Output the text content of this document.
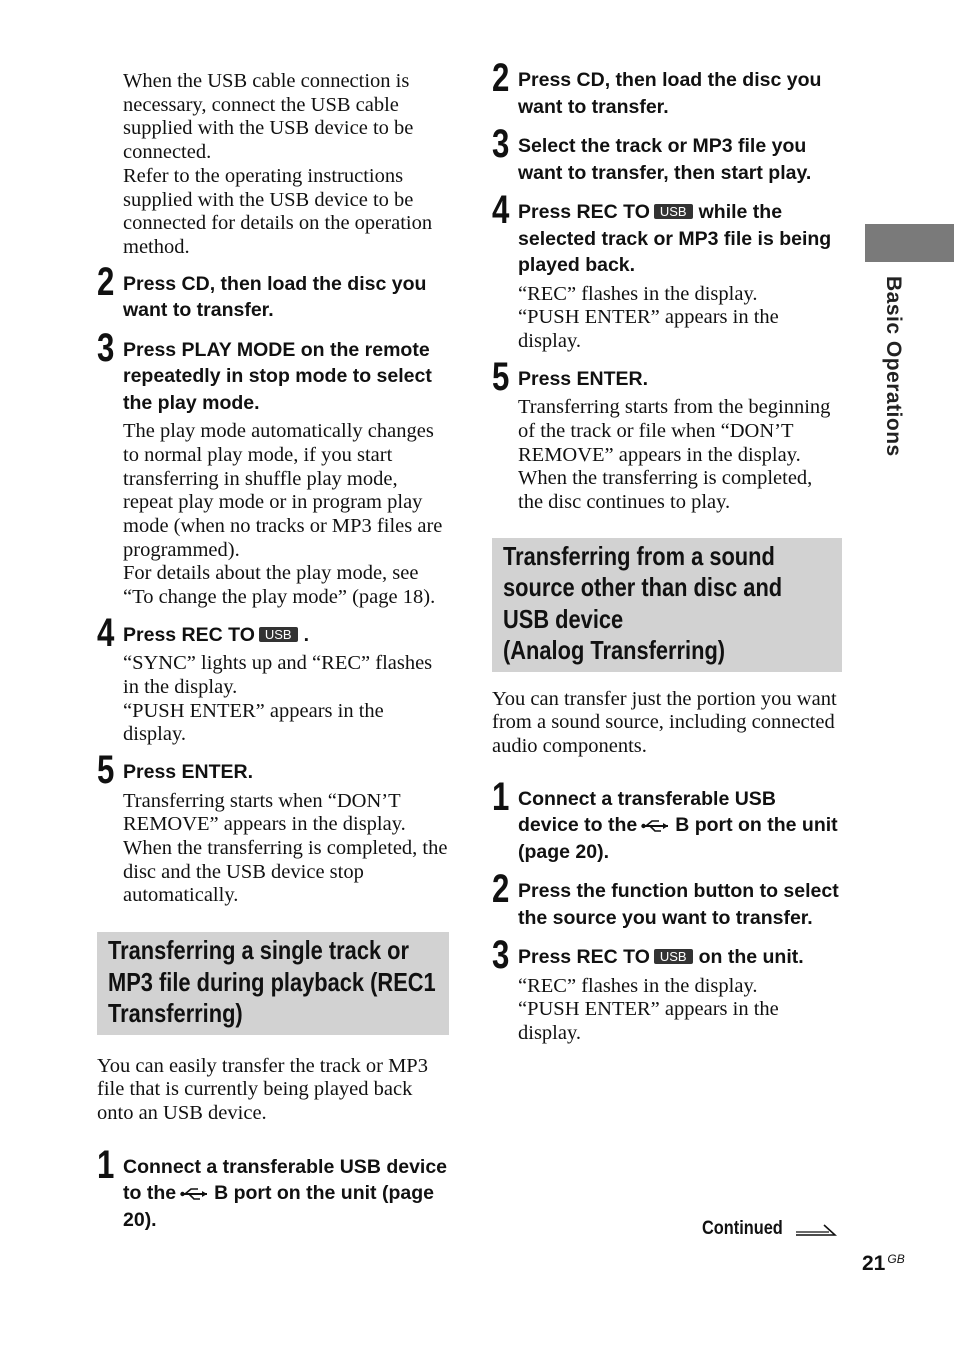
When the USB cable connection is necessary, connect the USB cable supplied with the USB device to be connected.
Refer to the operating instructions supplied with the USB device to be connected for details on the operation method.

2 Press CD, then load the disc you want to transfer.

3 Press PLAY MODE on the remote repeatedly in stop mode to select the play mode.

The play mode automatically changes to normal play mode, if you start transferring in shuffle play mode, repeat play mode or in program play mode (when no tracks or MP3 files are programmed).
For details about the play mode, see “To change the play mode” (page 18).

4 Press REC TO USB .

“SYNC” lights up and “REC” flashes in the display.
“PUSH ENTER” appears in the display.

5 Press ENTER.

Transferring starts when “DON’T REMOVE” appears in the display. When the transferring is completed, the disc and the USB device stop automatically.

Transferring a single track or MP3 file during playback (REC1 Transferring)

You can easily transfer the track or MP3 file that is currently being played back onto an USB device.

1 Connect a transferable USB device to the B port on the unit (page 20).

2 Press CD, then load the disc you want to transfer.

3 Select the track or MP3 file you want to transfer, then start play.

4 Press REC TO USB while the selected track or MP3 file is being played back.

“REC” flashes in the display.
“PUSH ENTER” appears in the display.

5 Press ENTER.

Transferring starts from the beginning of the track or file when “DON’T REMOVE” appears in the display. When the transferring is completed, the disc continues to play.

Transferring from a sound source other than disc and USB device
(Analog Transferring)

You can transfer just the portion you want from a sound source, including connected audio components.

1 Connect a transferable USB device to the B port on the unit (page 20).

2 Press the function button to select the source you want to transfer.

3 Press REC TO USB on the unit.

“REC” flashes in the display.
“PUSH ENTER” appears in the display.

Basic Operations
Continued
21 $^{GB}$
